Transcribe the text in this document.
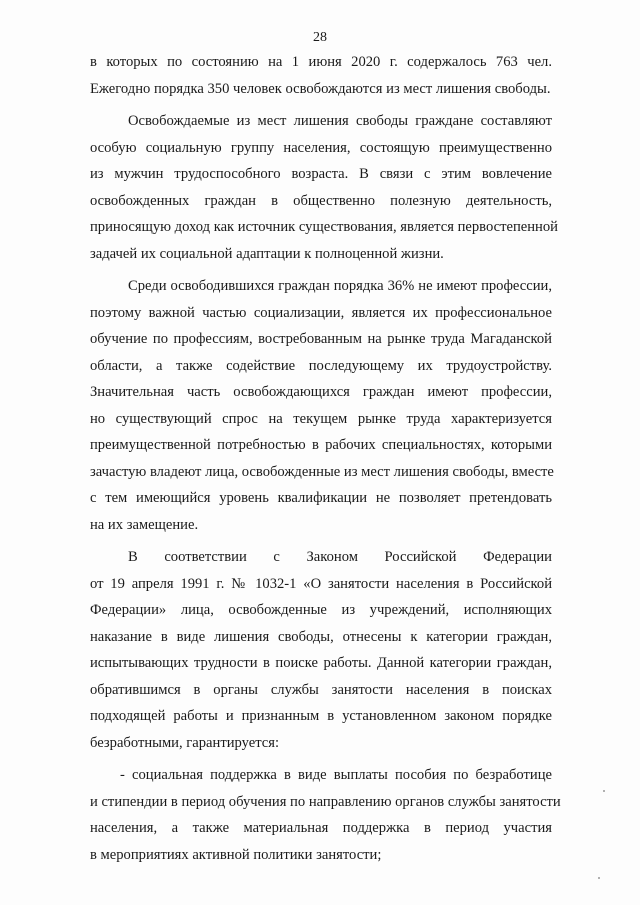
28
в которых по состоянию на 1 июня 2020 г. содержалось 763 чел.
Ежегодно порядка 350 человек освобождаются из мест лишения свободы.
Освобождаемые из мест лишения свободы граждане составляют
особую социальную группу населения, состоящую преимущественно
из мужчин трудоспособного возраста. В связи с этим вовлечение
освобожденных граждан в общественно полезную деятельность,
приносящую доход как источник существования, является первостепенной
задачей их социальной адаптации к полноценной жизни.
Среди освободившихся граждан порядка 36% не имеют профессии,
поэтому важной частью социализации, является их профессиональное
обучение по профессиям, востребованным на рынке труда Магаданской
области, а также содействие последующему их трудоустройству.
Значительная часть освобождающихся граждан имеют профессии,
но существующий спрос на текущем рынке труда характеризуется
преимущественной потребностью в рабочих специальностях, которыми
зачастую владеют лица, освобожденные из мест лишения свободы, вместе
с тем имеющийся уровень квалификации не позволяет претендовать
на их замещение.
В соответствии с Законом Российской Федерации
от 19 апреля 1991 г. № 1032-1 «О занятости населения в Российской
Федерации» лица, освобожденные из учреждений, исполняющих
наказание в виде лишения свободы, отнесены к категории граждан,
испытывающих трудности в поиске работы. Данной категории граждан,
обратившимся в органы службы занятости населения в поисках
подходящей работы и признанным в установленном законом порядке
безработными, гарантируется:
- социальная поддержка в виде выплаты пособия по безработице
и стипендии в период обучения по направлению органов службы занятости
населения, а также материальная поддержка в период участия
в мероприятиях активной политики занятости;
